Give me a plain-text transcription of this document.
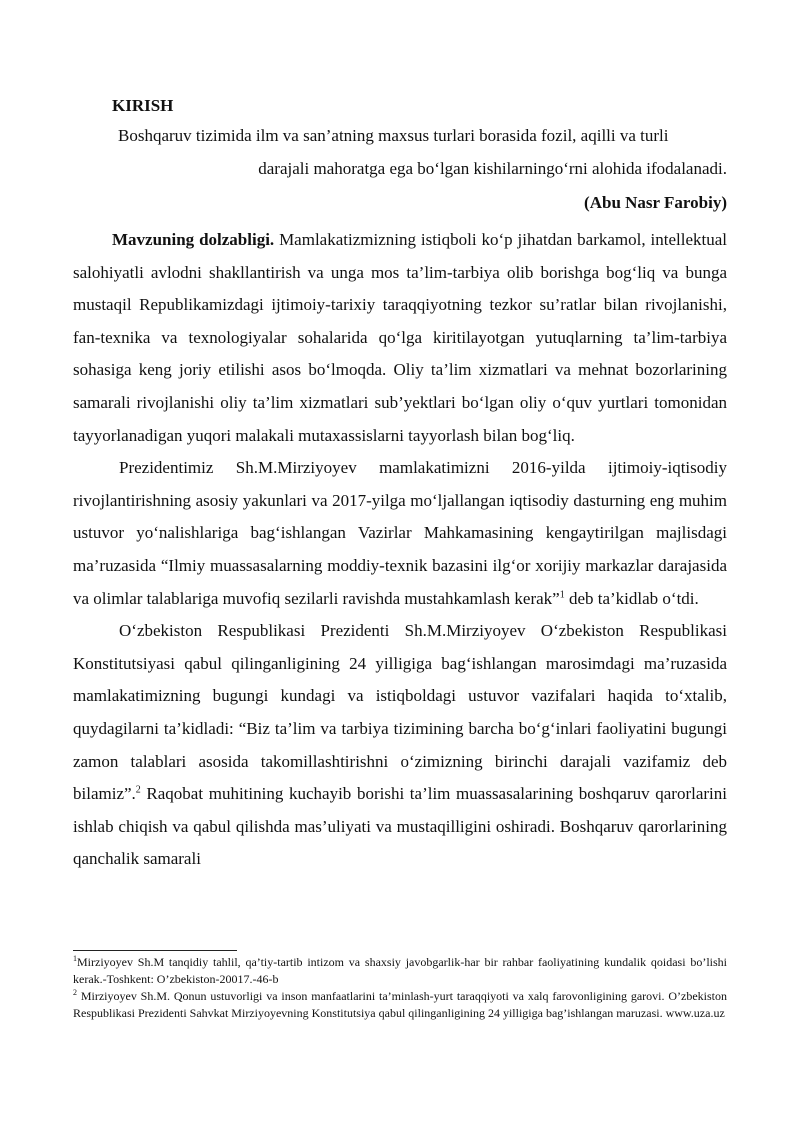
KIRISH
Boshqaruv tizimida ilm va san’atning maxsus turlari borasida fozil, aqilli va turli
darajali mahoratga ega bo‘lgan kishilarningo‘rni alohida ifodalanadi.
(Abu Nasr Farobiy)

Mavzuning dolzabligi. Mamlakatizmizning istiqboli ko‘p jihatdan barkamol, intellektual salohiyatli avlodni shakllantirish va unga mos ta’lim-tarbiya olib borishga bog‘liq va bunga mustaqil Republikamizdagi ijtimoiy-tarixiy taraqqiyotning tezkor su’ratlar bilan rivojlanishi, fan-texnika va texnologiyalar sohalarida qo‘lga kiritilayotgan yutuqlarning ta’lim-tarbiya sohasiga keng joriy etilishi asos bo‘lmoqda. Oliy ta’lim xizmatlari va mehnat bozorlarining samarali rivojlanishi oliy ta’lim xizmatlari sub’yektlari bo‘lgan oliy o‘quv yurtlari tomonidan tayyorlanadigan yuqori malakali mutaxassislarni tayyorlash bilan bog‘liq.

Prezidentimiz Sh.M.Mirziyoyev mamlakatimizni 2016-yilda ijtimoiy-iqtisodiy rivojlantirishning asosiy yakunlari va 2017-yilga mo‘ljallangan iqtisodiy dasturning eng muhim ustuvor yo‘nalishlariga bag‘ishlangan Vazirlar Mahkamasining kengaytirilgan majlisdagi ma’ruzasida “Ilmiy muassasalarning moddiy-texnik bazasini ilg‘or xorijiy markazlar darajasida va olimlar talablariga muvofiq sezilarli ravishda mustahkamlash kerak”$^1$ deb ta’kidlab o‘tdi.

O‘zbekiston Respublikasi Prezidenti Sh.M.Mirziyoyev O‘zbekiston Respublikasi Konstitutsiyasi qabul qilinganligining 24 yilligiga bag‘ishlangan marosimdagi ma’ruzasida mamlakatimizning bugungi kundagi va istiqboldagi ustuvor vazifalari haqida to‘xtalib, quydagilarni ta’kidladi: “Biz ta’lim va tarbiya tizimining barcha bo‘g‘inlari faoliyatini bugungi zamon talablari asosida takomillashtirishni o‘zimizning birinchi darajali vazifamiz deb bilamiz”.$^2$ Raqobat muhitining kuchayib borishi ta’lim muassasalarining boshqaruv qarorlarini ishlab chiqish va qabul qilishda mas’uliyati va mustaqilligini oshiradi. Boshqaruv qarorlarining qanchalik samarali

$^1$Mirziyoyev Sh.M tanqidiy tahlil, qa’tiy-tartib intizom va shaxsiy javobgarlik-har bir rahbar faoliyatining kundalik qoidasi bo’lishi kerak.-Toshkent: O’zbekiston-20017.-46-b
$^2$ Mirziyoyev Sh.M. Qonun ustuvorligi va inson manfaatlarini ta’minlash-yurt taraqqiyoti va xalq farovonligining garovi. O’zbekiston Respublikasi Prezidenti Sahvkat Mirziyoyevning Konstitutsiya qabul qilinganligining 24 yilligiga bag’ishlangan maruzasi. www.uza.uz
